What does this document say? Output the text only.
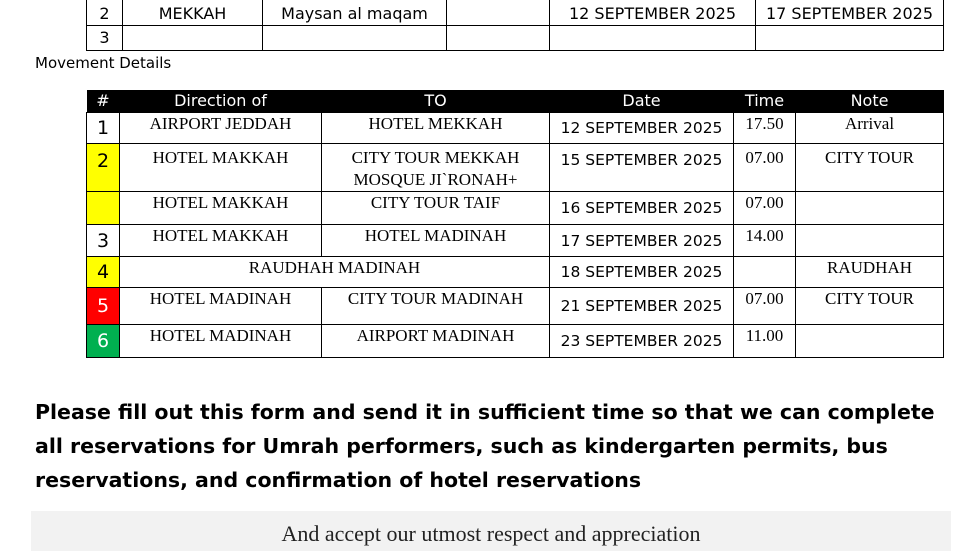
2	MEKKAH	Maysan al maqam		12 SEPTEMBER 2025	17 SEPTEMBER 2025
3					
Movement Details
#	Direction of	TO	Date	Time	Note
1	AIRPORT JEDDAH	HOTEL MEKKAH	12 SEPTEMBER 2025	17.50	Arrival
2	HOTEL MAKKAH	CITY TOUR MEKKAH
MOSQUE JI`RONAH+	15 SEPTEMBER 2025	07.00	CITY TOUR
	HOTEL MAKKAH	CITY TOUR TAIF	16 SEPTEMBER 2025	07.00	
3	HOTEL MAKKAH	HOTEL MADINAH	17 SEPTEMBER 2025	14.00	
4	RAUDHAH MADINAH		18 SEPTEMBER 2025		RAUDHAH
5	HOTEL MADINAH	CITY TOUR MADINAH	21 SEPTEMBER 2025	07.00	CITY TOUR
6	HOTEL MADINAH	AIRPORT MADINAH	23 SEPTEMBER 2025	11.00	
Please fill out this form and send it in sufficient time so that we can complete all reservations for Umrah performers, such as kindergarten permits, bus reservations, and confirmation of hotel reservations
And accept our utmost respect and appreciation
